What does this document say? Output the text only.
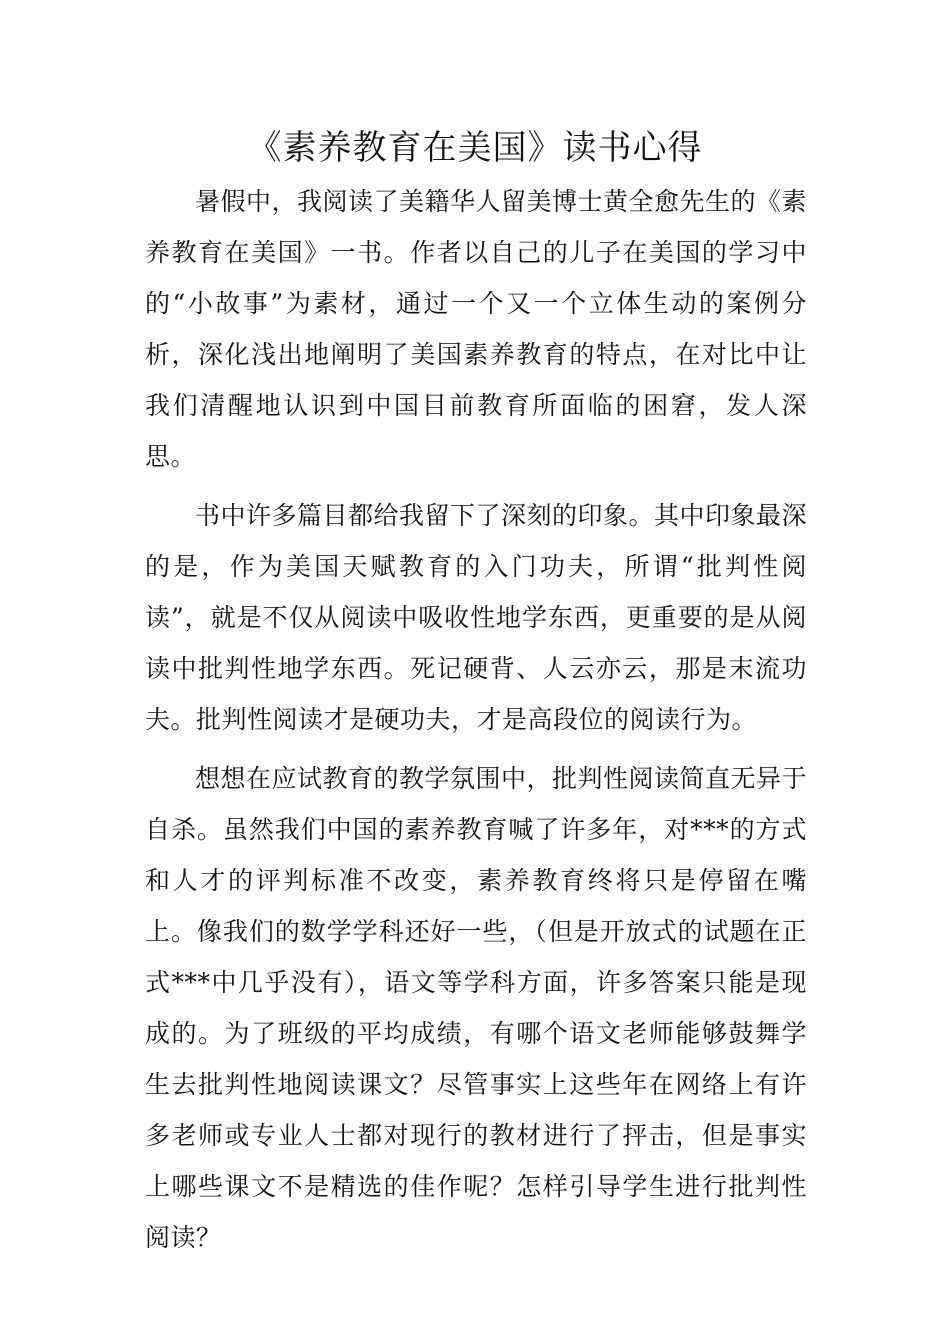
《素养教育在美国》读书心得

暑假中，我阅读了美籍华人留美博士黄全愈先生的《素养教育在美国》一书。作者以自己的儿子在美国的学习中的“小故事”为素材，通过一个又一个立体生动的案例分析，深化浅出地阐明了美国素养教育的特点，在对比中让我们清醒地认识到中国目前教育所面临的困窘，发人深思。

书中许多篇目都给我留下了深刻的印象。其中印象最深的是，作为美国天赋教育的入门功夫，所谓“批判性阅读”，就是不仅从阅读中吸收性地学东西，更重要的是从阅读中批判性地学东西。死记硬背、人云亦云，那是末流功夫。批判性阅读才是硬功夫，才是高段位的阅读行为。

想想在应试教育的教学氛围中，批判性阅读简直无异于自杀。虽然我们中国的素养教育喊了许多年，对***的方式和人才的评判标准不改变，素养教育终将只是停留在嘴上。像我们的数学学科还好一些，（但是开放式的试题在正式***中几乎没有），语文等学科方面，许多答案只能是现成的。为了班级的平均成绩，有哪个语文老师能够鼓舞学生去批判性地阅读课文？尽管事实上这些年在网络上有许多老师或专业人士都对现行的教材进行了抨击，但是事实上哪些课文不是精选的佳作呢？怎样引导学生进行批判性阅读？
